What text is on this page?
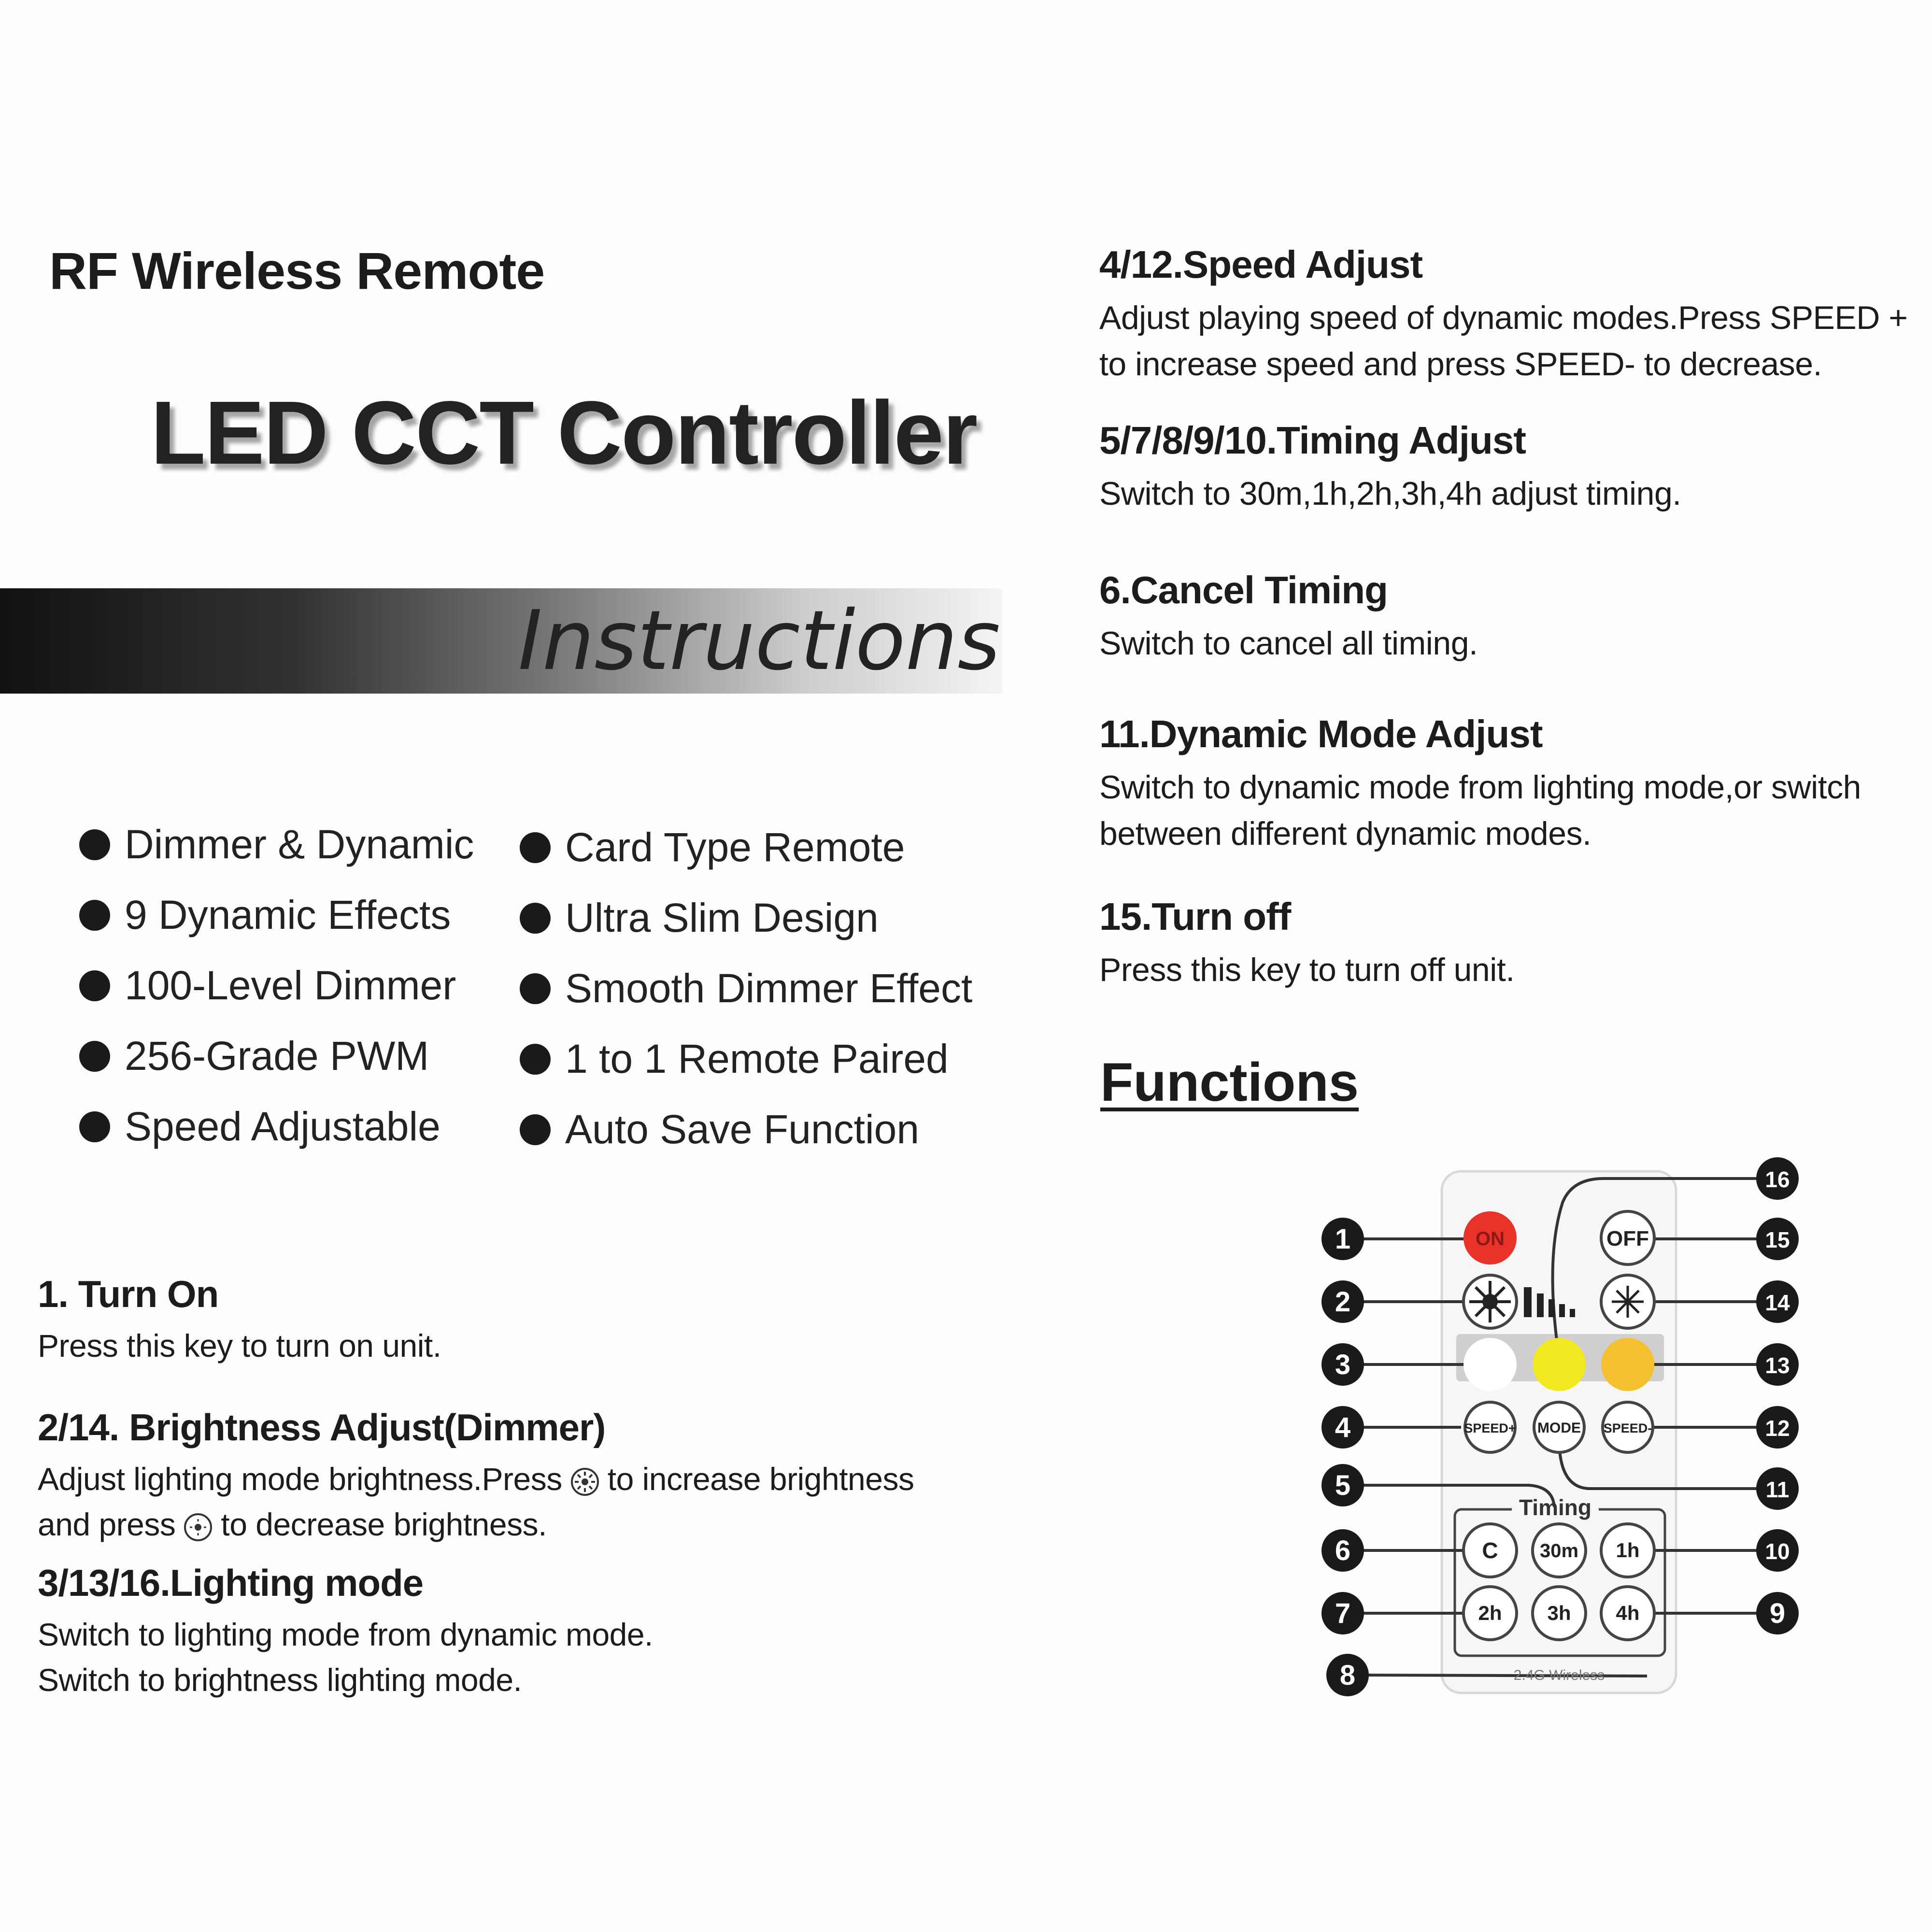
RF Wireless Remote
LED CCT Controller
Instructions
Dimmer & Dynamic
9 Dynamic Effects
100-Level Dimmer
256-Grade PWM
Speed Adjustable
Card Type Remote
Ultra Slim Design
Smooth Dimmer Effect
1 to 1 Remote Paired
Auto Save Function
1. Turn On

Press this key to turn on unit.

2/14. Brightness Adjust(Dimmer)

Adjust lighting mode brightness.Press to increase brightness
and press to decrease brightness.

3/13/16.Lighting mode

Switch to lighting mode from dynamic mode.
Switch to brightness lighting mode.

4/12.Speed Adjust

Adjust playing speed of dynamic modes.Press SPEED + to increase speed and press SPEED- to decrease.

5/7/8/9/10.Timing Adjust

Switch to 30m,1h,2h,3h,4h adjust timing.

6.Cancel Timing

Switch to cancel all timing.

11.Dynamic Mode Adjust

Switch to dynamic mode from lighting mode,or switch between different dynamic modes.

15.Turn off

Press this key to turn off unit.

Functions
Timing
ON	OFF
SPEED+ MODE SPEED-
C 30m 1h
2h 3h 4h
2.4G Wireless
1
2
3
4
5
6
7
8
9
10
11
12
13
14
15
16
